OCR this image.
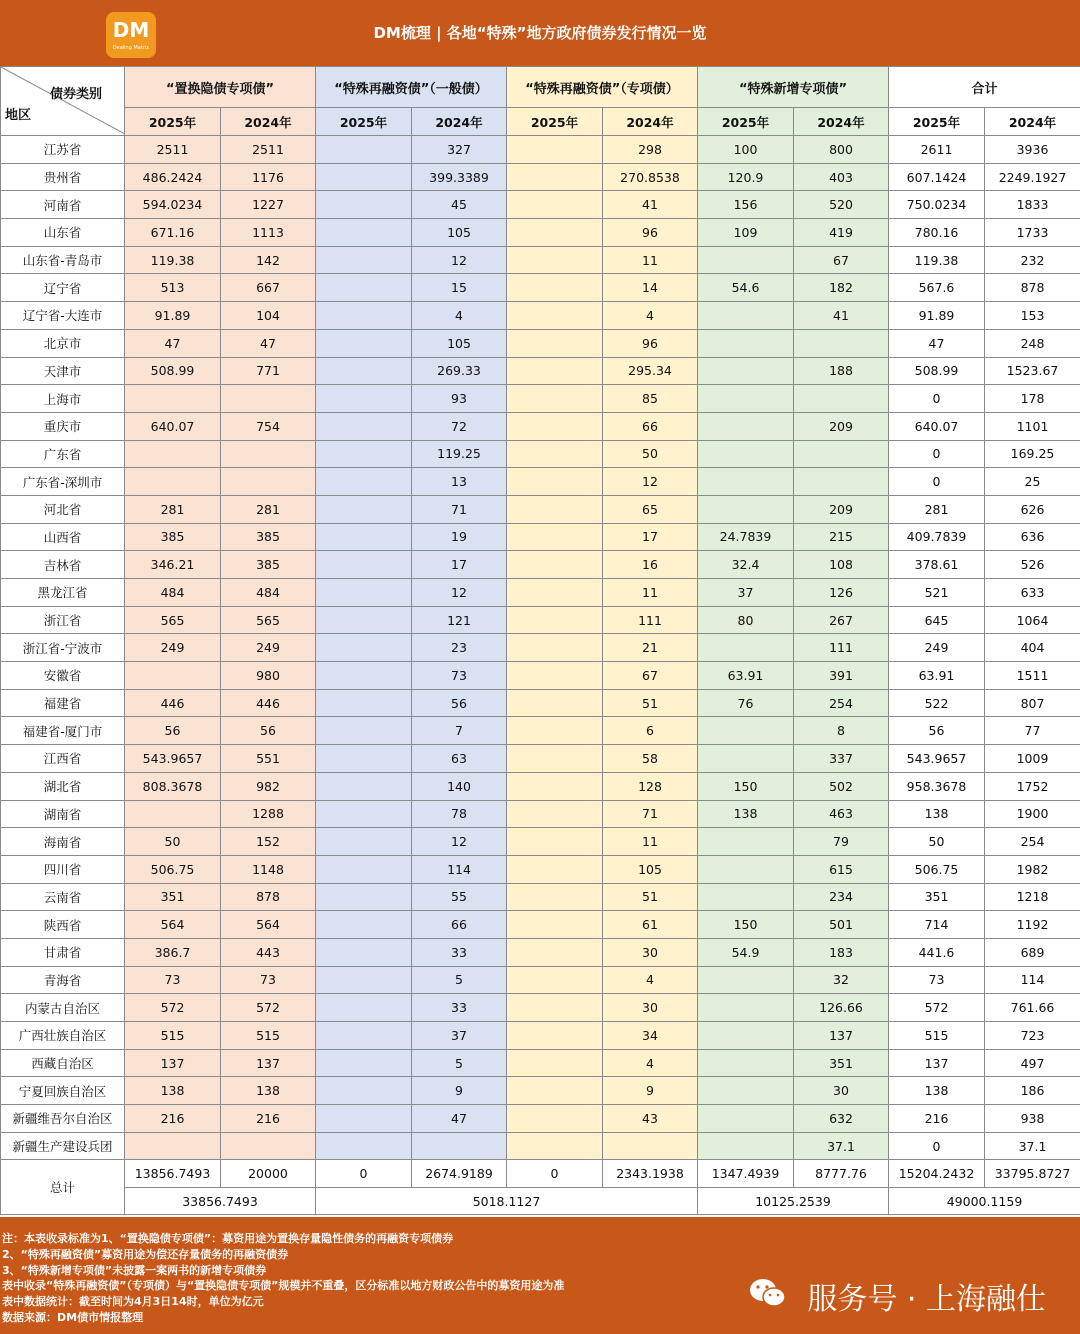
DM
Dealing Matrix
DM梳理 | 各地“特殊”地方政府债券发行情况一览
债券类别
地区	“置换隐债专项债”		“特殊再融资债”（一般债）		“特殊再融资债”（专项债）		“特殊新增专项债”		合计	
	2025年	2024年	2025年	2024年	2025年	2024年	2025年	2024年	2025年	2024年
江苏省	2511	2511		327		298	100	800	2611	3936
贵州省	486.2424	1176		399.3389		270.8538	120.9	403	607.1424	2249.1927
河南省	594.0234	1227		45		41	156	520	750.0234	1833
山东省	671.16	1113		105		96	109	419	780.16	1733
山东省-青岛市	119.38	142		12		11		67	119.38	232
辽宁省	513	667		15		14	54.6	182	567.6	878
辽宁省-大连市	91.89	104		4		4		41	91.89	153
北京市	47	47		105		96			47	248
天津市	508.99	771		269.33		295.34		188	508.99	1523.67
上海市				93		85			0	178
重庆市	640.07	754		72		66		209	640.07	1101
广东省				119.25		50			0	169.25
广东省-深圳市				13		12			0	25
河北省	281	281		71		65		209	281	626
山西省	385	385		19		17	24.7839	215	409.7839	636
吉林省	346.21	385		17		16	32.4	108	378.61	526
黑龙江省	484	484		12		11	37	126	521	633
浙江省	565	565		121		111	80	267	645	1064
浙江省-宁波市	249	249		23		21		111	249	404
安徽省		980		73		67	63.91	391	63.91	1511
福建省	446	446		56		51	76	254	522	807
福建省-厦门市	56	56		7		6		8	56	77
江西省	543.9657	551		63		58		337	543.9657	1009
湖北省	808.3678	982		140		128	150	502	958.3678	1752
湖南省		1288		78		71	138	463	138	1900
海南省	50	152		12		11		79	50	254
四川省	506.75	1148		114		105		615	506.75	1982
云南省	351	878		55		51		234	351	1218
陕西省	564	564		66		61	150	501	714	1192
甘肃省	386.7	443		33		30	54.9	183	441.6	689
青海省	73	73		5		4		32	73	114
内蒙古自治区	572	572		33		30		126.66	572	761.66
广西壮族自治区	515	515		37		34		137	515	723
西藏自治区	137	137		5		4		351	137	497
宁夏回族自治区	138	138		9		9		30	138	186
新疆维吾尔自治区	216	216		47		43		632	216	938
新疆生产建设兵团								37.1	0	37.1
总计	13856.7493	20000	0	2674.9189	0	2343.1938	1347.4939	8777.76	15204.2432	33795.8727
	33856.7493		5018.1127				10125.2539		49000.1159	
注：本表收录标准为1、“置换隐债专项债”：募资用途为置换存量隐性债务的再融资专项债券
2、“特殊再融资债”募资用途为偿还存量债务的再融资债券
3、“特殊新增专项债”未披露一案两书的新增专项债券
表中收录“特殊再融资债”（专项债）与“置换隐债专项债”规模并不重叠，区分标准以地方财政公告中的募资用途为准
表中数据统计：截至时间为4月3日14时，单位为亿元
数据来源：DM债市情报整理
服务号 · 上海融仕
